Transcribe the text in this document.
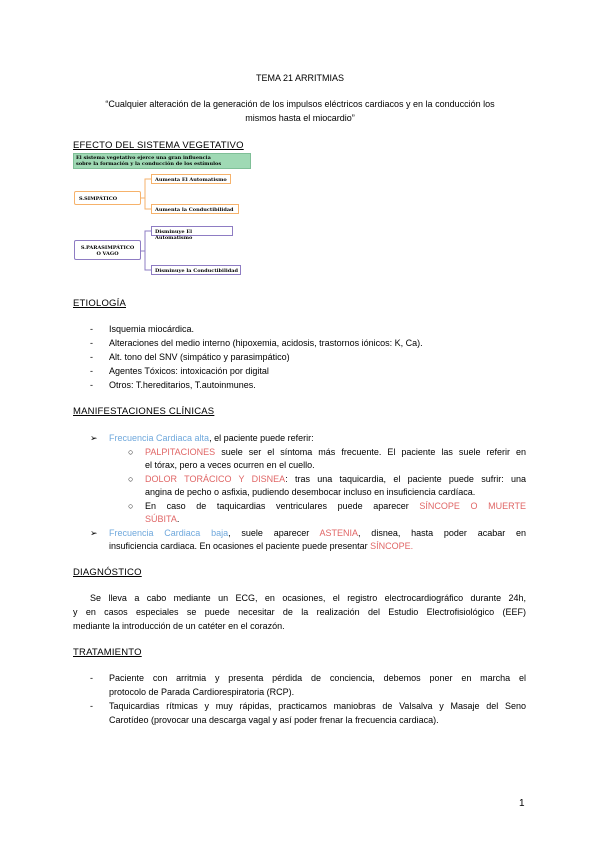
TEMA 21 ARRITMIAS
“Cualquier alteración de la generación de los impulsos eléctricos cardiacos y en la conducción los
mismos hasta el miocardio”
EFECTO DEL SISTEMA VEGETATIVO
El sistema vegetativo ejerce una gran influencia
sobre la formación y la conducción de los estímulos
S.SIMPÁTICO
Aumenta El Automatismo
Aumenta la Conductibilidad
S.PARASIMPÁTICO
O VAGO
Disminuye El Automatismo
Disminuye la Conductibilidad
ETIOLOGÍA
- Isquemia miocárdica.
- Alteraciones del medio interno (hipoxemia, acidosis, trastornos iónicos: K, Ca).
- Alt. tono del SNV (simpático y parasimpático)
- Agentes Tóxicos: intoxicación por digital
- Otros: T.hereditarios, T.autoinmunes.
MANIFESTACIONES CLÍNICAS
➢ Frecuencia Cardiaca alta, el paciente puede referir:
○ PALPITACIONES suele ser el síntoma más frecuente. El paciente las suele referir en
el tórax, pero a veces ocurren en el cuello.
○ DOLOR TORÁCICO Y DISNEA: tras una taquicardia, el paciente puede sufrir: una
angina de pecho o asfixia, pudiendo desembocar incluso en insuficiencia cardíaca.
○ En caso de taquicardias ventriculares puede aparecer SÍNCOPE O MUERTE
SÚBITA.
➢ Frecuencia Cardiaca baja, suele aparecer ASTENIA, disnea, hasta poder acabar en
insuficiencia cardiaca. En ocasiones el paciente puede presentar SÍNCOPE.
DIAGNÓSTICO
Se lleva a cabo mediante un ECG, en ocasiones, el registro electrocardiográfico durante 24h,
y en casos especiales se puede necesitar de la realización del Estudio Electrofisiológico (EEF)
mediante la introducción de un catéter en el corazón.
TRATAMIENTO
- Paciente con arritmia y presenta pérdida de conciencia, debemos poner en marcha el
protocolo de Parada Cardiorespiratoria (RCP).
- Taquicardias rítmicas y muy rápidas, practicamos maniobras de Valsalva y Masaje del Seno
Carotídeo (provocar una descarga vagal y así poder frenar la frecuencia cardiaca).
1
